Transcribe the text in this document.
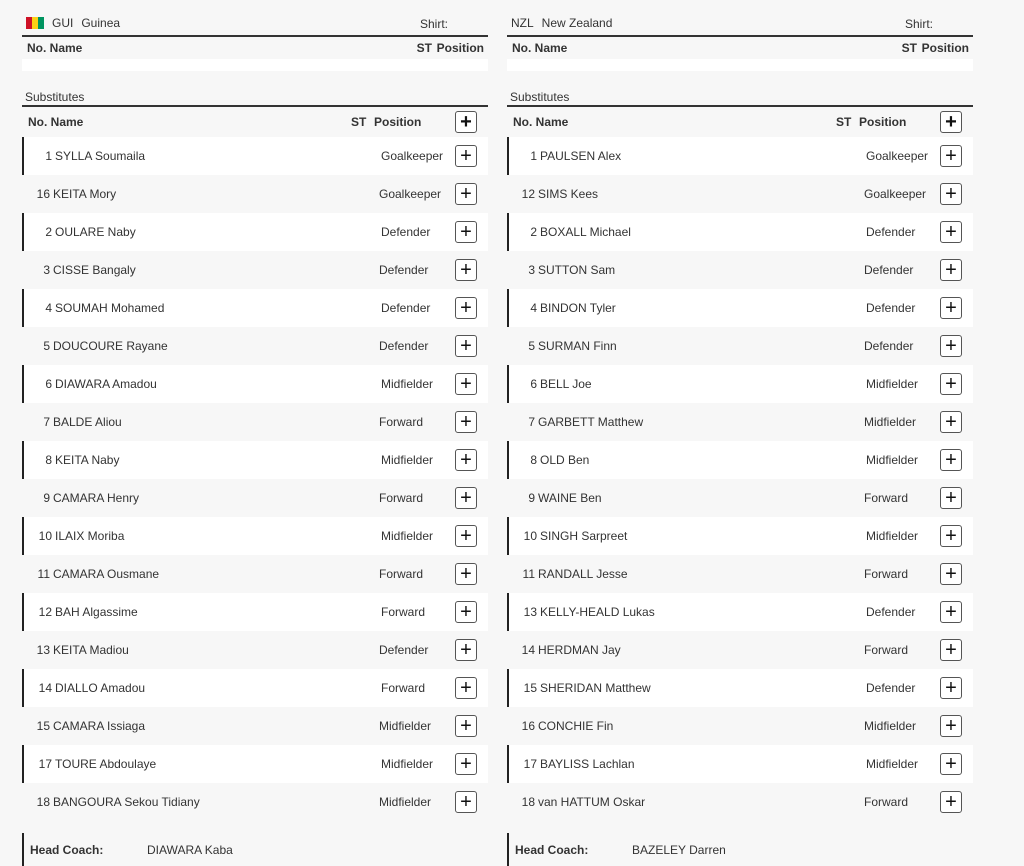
GUI Guinea	Shirt:
No. Name	ST Position
Substitutes
No. Name	ST Position +
1 SYLLA Soumaila	Goalkeeper +
16 KEITA Mory	Goalkeeper +
2 OULARE Naby	Defender +
3 CISSE Bangaly	Defender +
4 SOUMAH Mohamed	Defender +
5 DOUCOURE Rayane	Defender +
6 DIAWARA Amadou	Midfielder +
7 BALDE Aliou	Forward +
8 KEITA Naby	Midfielder +
9 CAMARA Henry	Forward +
10 ILAIX Moriba	Midfielder +
11 CAMARA Ousmane	Forward +
12 BAH Algassime	Forward +
13 KEITA Madiou	Defender +
14 DIALLO Amadou	Forward +
15 CAMARA Issiaga	Midfielder +
17 TOURE Abdoulaye	Midfielder +
18 BANGOURA Sekou Tidiany	Midfielder +
Head Coach:	DIAWARA Kaba
NZL New Zealand	Shirt:
No. Name	ST Position
Substitutes
No. Name	ST Position +
1 PAULSEN Alex	Goalkeeper +
12 SIMS Kees	Goalkeeper +
2 BOXALL Michael	Defender +
3 SUTTON Sam	Defender +
4 BINDON Tyler	Defender +
5 SURMAN Finn	Defender +
6 BELL Joe	Midfielder +
7 GARBETT Matthew	Midfielder +
8 OLD Ben	Midfielder +
9 WAINE Ben	Forward +
10 SINGH Sarpreet	Midfielder +
11 RANDALL Jesse	Forward +
13 KELLY-HEALD Lukas	Defender +
14 HERDMAN Jay	Forward +
15 SHERIDAN Matthew	Defender +
16 CONCHIE Fin	Midfielder +
17 BAYLISS Lachlan	Midfielder +
18 van HATTUM Oskar	Forward +
Head Coach:	BAZELEY Darren
